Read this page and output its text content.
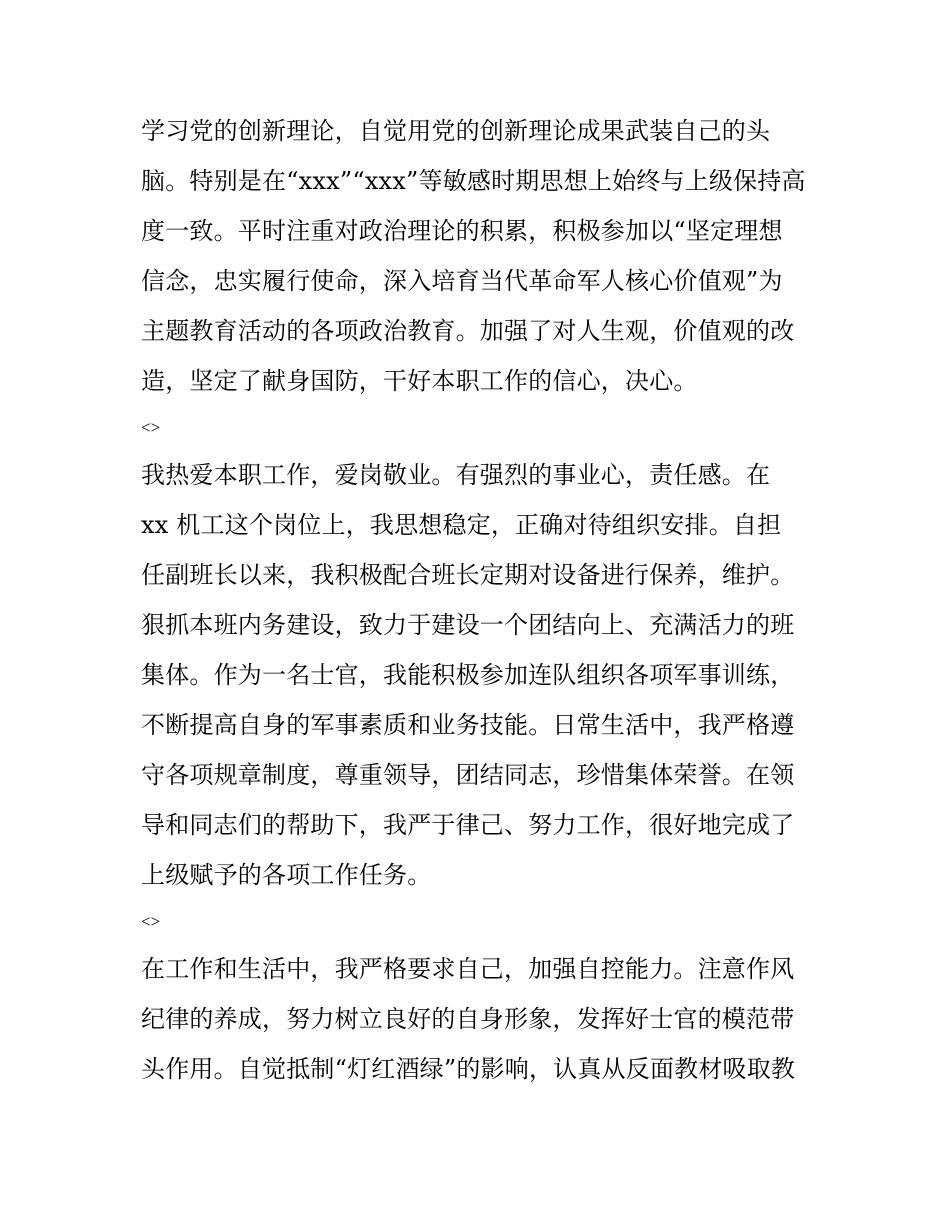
学习党的创新理论，自觉用党的创新理论成果武装自己的头
脑。特别是在“xxx”“xxx”等敏感时期思想上始终与上级保持高
度一致。平时注重对政治理论的积累，积极参加以“坚定理想
信念，忠实履行使命，深入培育当代革命军人核心价值观”为
主题教育活动的各项政治教育。加强了对人生观，价值观的改
造，坚定了献身国防，干好本职工作的信心，决心。
<>
我热爱本职工作，爱岗敬业。有强烈的事业心，责任感。在
xx 机工这个岗位上，我思想稳定，正确对待组织安排。自担
任副班长以来，我积极配合班长定期对设备进行保养，维护。
狠抓本班内务建设，致力于建设一个团结向上、充满活力的班
集体。作为一名士官，我能积极参加连队组织各项军事训练，
不断提高自身的军事素质和业务技能。日常生活中，我严格遵
守各项规章制度，尊重领导，团结同志，珍惜集体荣誉。在领
导和同志们的帮助下，我严于律己、努力工作，很好地完成了
上级赋予的各项工作任务。
<>
在工作和生活中，我严格要求自己，加强自控能力。注意作风
纪律的养成，努力树立良好的自身形象，发挥好士官的模范带
头作用。自觉抵制“灯红酒绿”的影响，认真从反面教材吸取教
